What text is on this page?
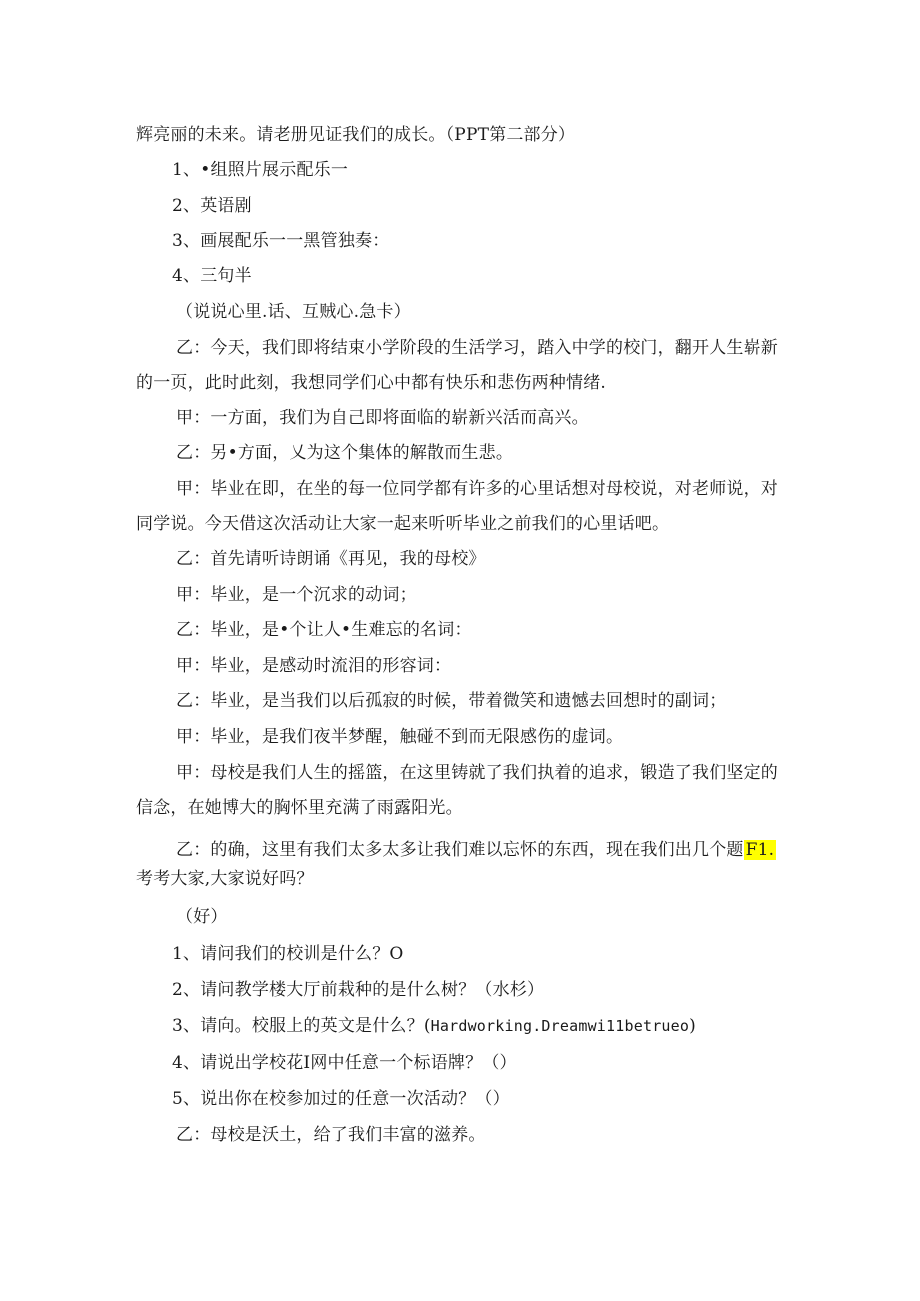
辉亮丽的未来。请老册见证我们的成长。（PPT第二部分）
1、•组照片展示配乐一
2、英语剧
3、画展配乐一一黑管独奏：
4、三句半
（说说心里.话、互贼心.急卡）
乙：今天，我们即将结束小学阶段的生活学习，踏入中学的校门，翻开人生崭新
的一页，此时此刻，我想同学们心中都有快乐和悲伤两种情绪.
甲：一方面，我们为自己即将面临的崭新兴活而高兴。
乙：另•方面，乂为这个集体的解散而生悲。
甲：毕业在即，在坐的每一位同学都有许多的心里话想对母校说，对老师说，对
同学说。今天借这次活动让大家一起来听听毕业之前我们的心里话吧。
乙：首先请听诗朗诵《再见，我的母校》
甲：毕业，是一个沉求的动词；
乙：毕业，是•个让人•生难忘的名词：
甲：毕业，是感动时流泪的形容词：
乙：毕业，是当我们以后孤寂的时候，带着微笑和遗憾去回想时的副词；
甲：毕业，是我们夜半梦醒，触碰不到而无限感伤的虚词。
甲：母校是我们人生的摇篮，在这里铸就了我们执着的追求，锻造了我们坚定的
信念，在她博大的胸怀里充满了雨露阳光。
乙：的确，这里有我们太多太多让我们难以忘怀的东西，现在我们出几个题 F1.
考考大家,大家说好吗？
（好）
1、请问我们的校训是什么？O
2、请问教学楼大厅前栽种的是什么树？（水杉）
3、请向。校服上的英文是什么？(Hardworking.Dreamwi11betrueo)
4、请说出学校花I网中任意一个标语牌？（）
5、说出你在校参加过的任意一次活动？（）
乙：母校是沃土，给了我们丰富的滋养。
